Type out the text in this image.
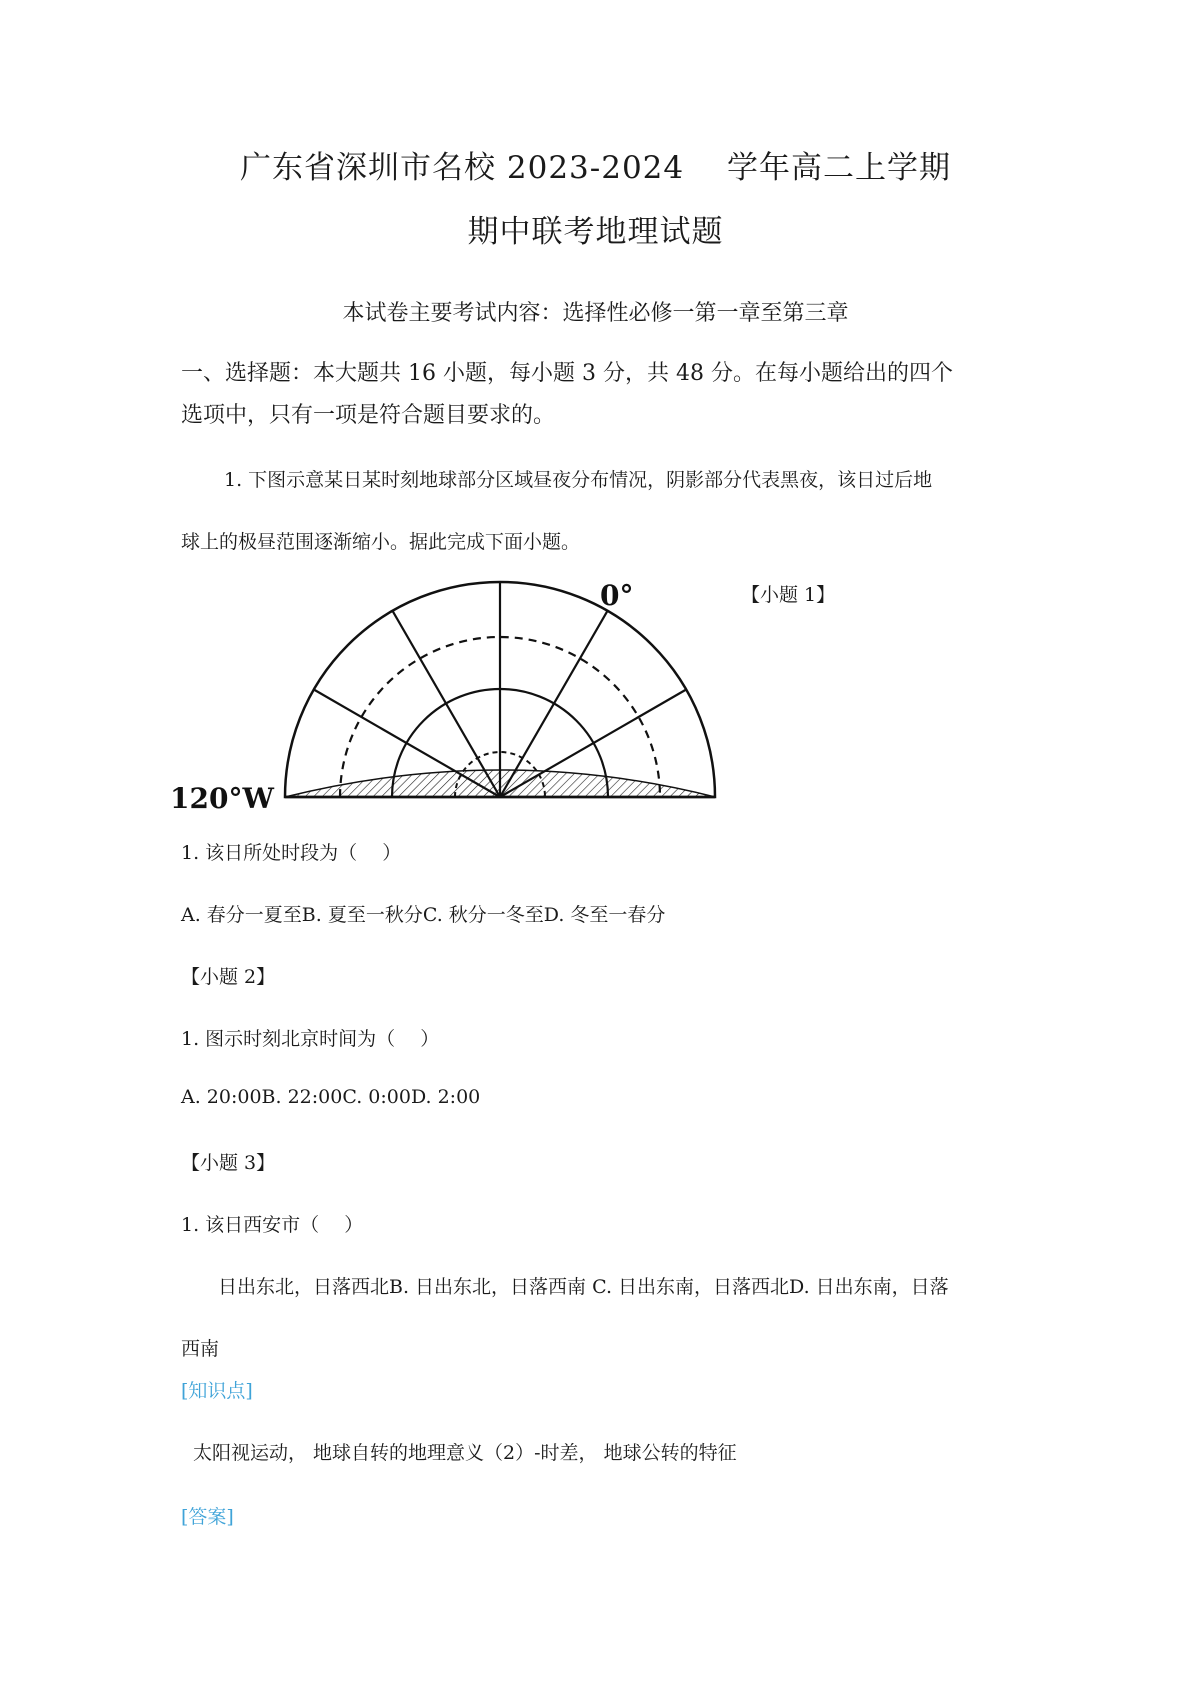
广东省深圳市名校 2023-2024　 学年高二上学期
期中联考地理试题
本试卷主要考试内容：选择性必修一第一章至第三章
一、选择题：本大题共 16 小题，每小题 3 分，共 48 分。在每小题给出的四个
选项中，只有一项是符合题目要求的。
1. 下图示意某日某时刻地球部分区域昼夜分布情况，阴影部分代表黑夜，该日过后地
球上的极昼范围逐渐缩小。据此完成下面小题。
0°
120°W
【小题 1】
1. 该日所处时段为（　 ）
A. 春分一夏至B. 夏至一秋分C. 秋分一冬至D. 冬至一春分
【小题 2】
1. 图示时刻北京时间为（　 ）
A. 20:00B. 22:00C. 0:00D. 2:00
【小题 3】
1. 该日西安市（　 ）
日出东北，日落西北B. 日出东北，日落西南 C. 日出东南，日落西北D. 日出东南，日落
西南
[知识点]
太阳视运动， 地球自转的地理意义（2）-时差， 地球公转的特征
[答案]
